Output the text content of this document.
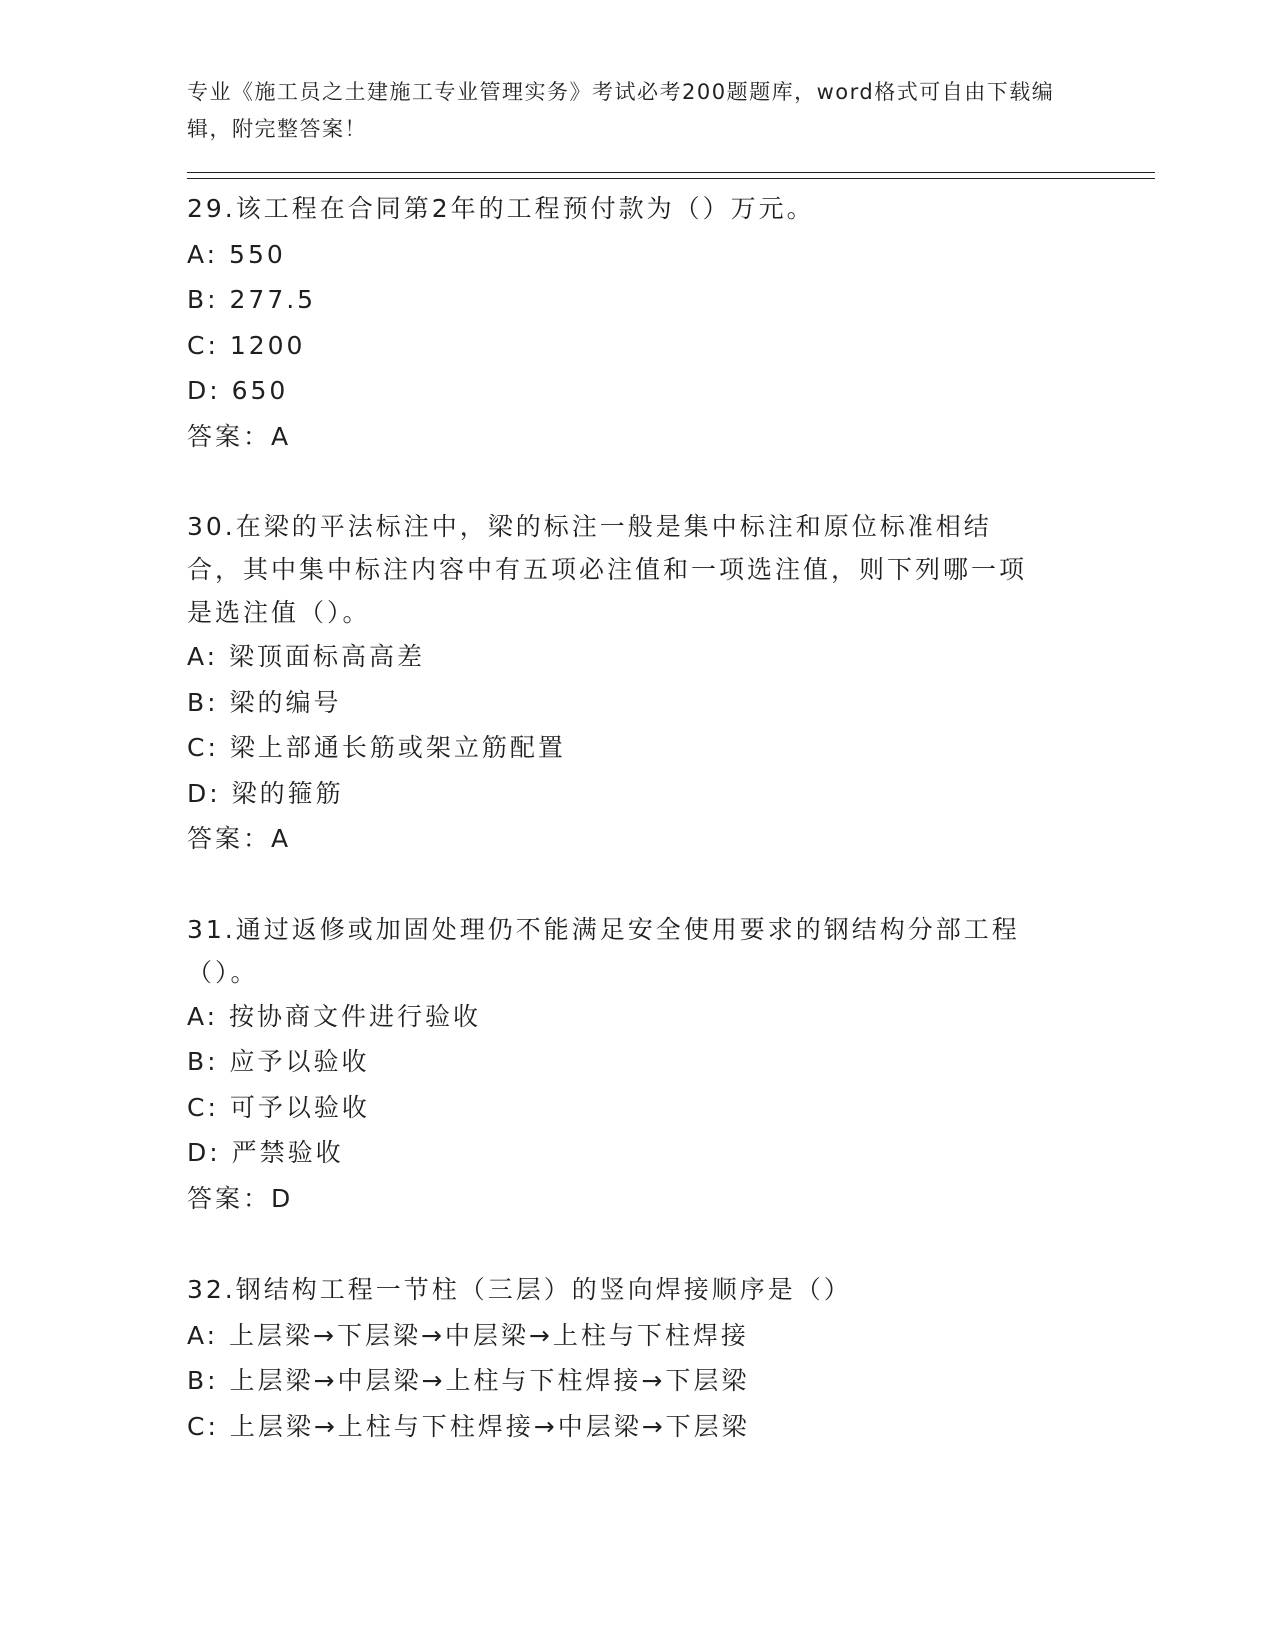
专业《施工员之土建施工专业管理实务》考试必考200题题库，word格式可自由下载编辑，附完整答案！
29.该工程在合同第2年的工程预付款为（）万元。
A: 550
B: 277.5
C: 1200
D: 650
答案：A
30.在梁的平法标注中，梁的标注一般是集中标注和原位标准相结合，其中集中标注内容中有五项必注值和一项选注值，则下列哪一项是选注值（）。
A: 梁顶面标高高差
B: 梁的编号
C: 梁上部通长筋或架立筋配置
D: 梁的箍筋
答案：A
31.通过返修或加固处理仍不能满足安全使用要求的钢结构分部工程（）。
A: 按协商文件进行验收
B: 应予以验收
C: 可予以验收
D: 严禁验收
答案：D
32.钢结构工程一节柱（三层）的竖向焊接顺序是（）
A: 上层梁→下层梁→中层梁→上柱与下柱焊接
B: 上层梁→中层梁→上柱与下柱焊接→下层梁
C: 上层梁→上柱与下柱焊接→中层梁→下层梁
